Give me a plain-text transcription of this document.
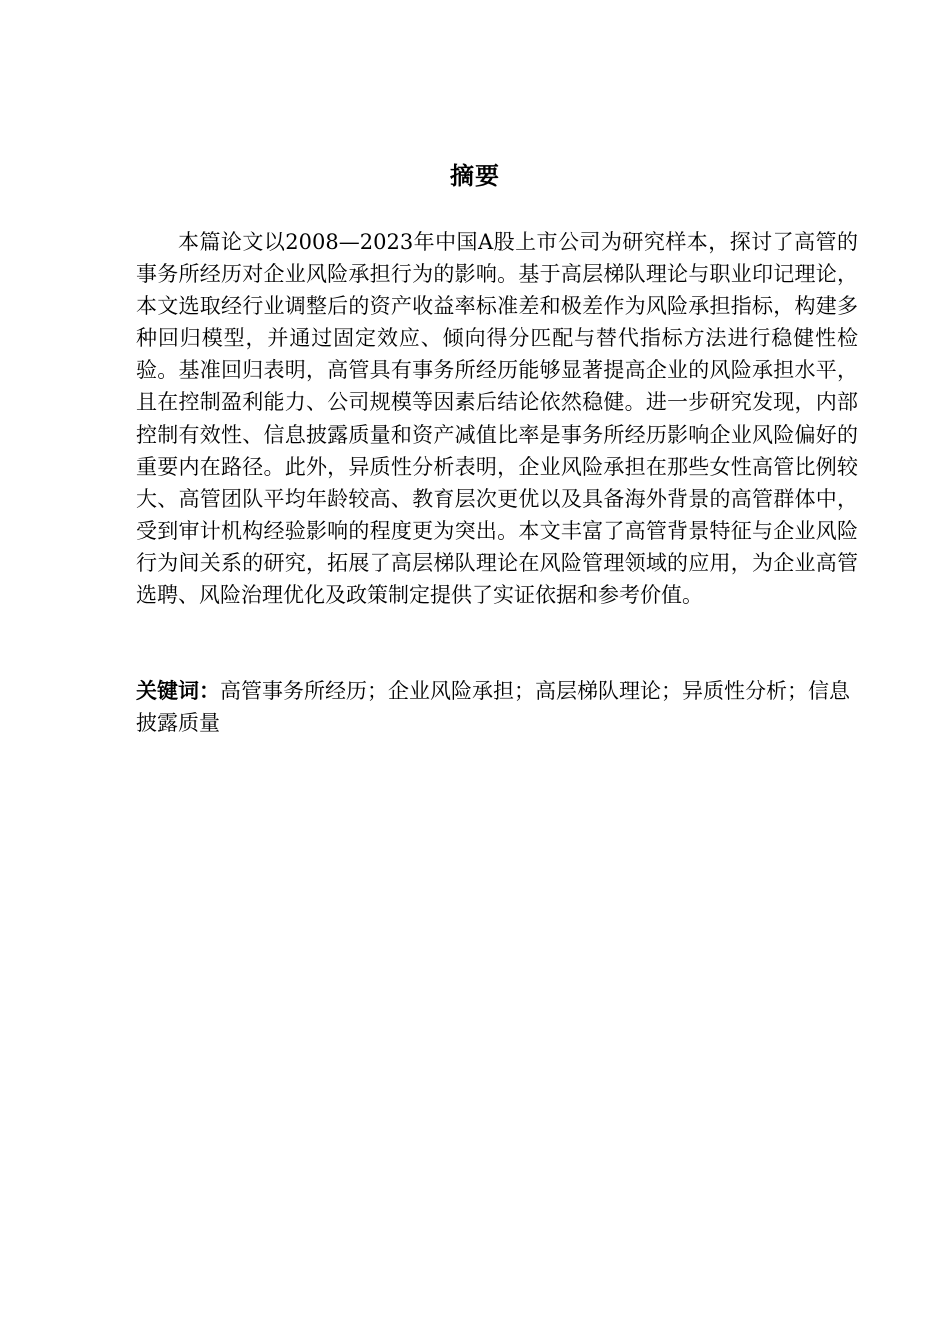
摘要

本篇论文以2008—2023年中国A股上市公司为研究样本，探讨了高管的事务所经历对企业风险承担行为的影响。基于高层梯队理论与职业印记理论，本文选取经行业调整后的资产收益率标准差和极差作为风险承担指标，构建多种回归模型，并通过固定效应、倾向得分匹配与替代指标方法进行稳健性检验。基准回归表明，高管具有事务所经历能够显著提高企业的风险承担水平，且在控制盈利能力、公司规模等因素后结论依然稳健。进一步研究发现，内部控制有效性、信息披露质量和资产减值比率是事务所经历影响企业风险偏好的重要内在路径。此外，异质性分析表明，企业风险承担在那些女性高管比例较大、高管团队平均年龄较高、教育层次更优以及具备海外背景的高管群体中，受到审计机构经验影响的程度更为突出。本文丰富了高管背景特征与企业风险行为间关系的研究，拓展了高层梯队理论在风险管理领域的应用，为企业高管选聘、风险治理优化及政策制定提供了实证依据和参考价值。

关键词：高管事务所经历；企业风险承担；高层梯队理论；异质性分析；信息披露质量
